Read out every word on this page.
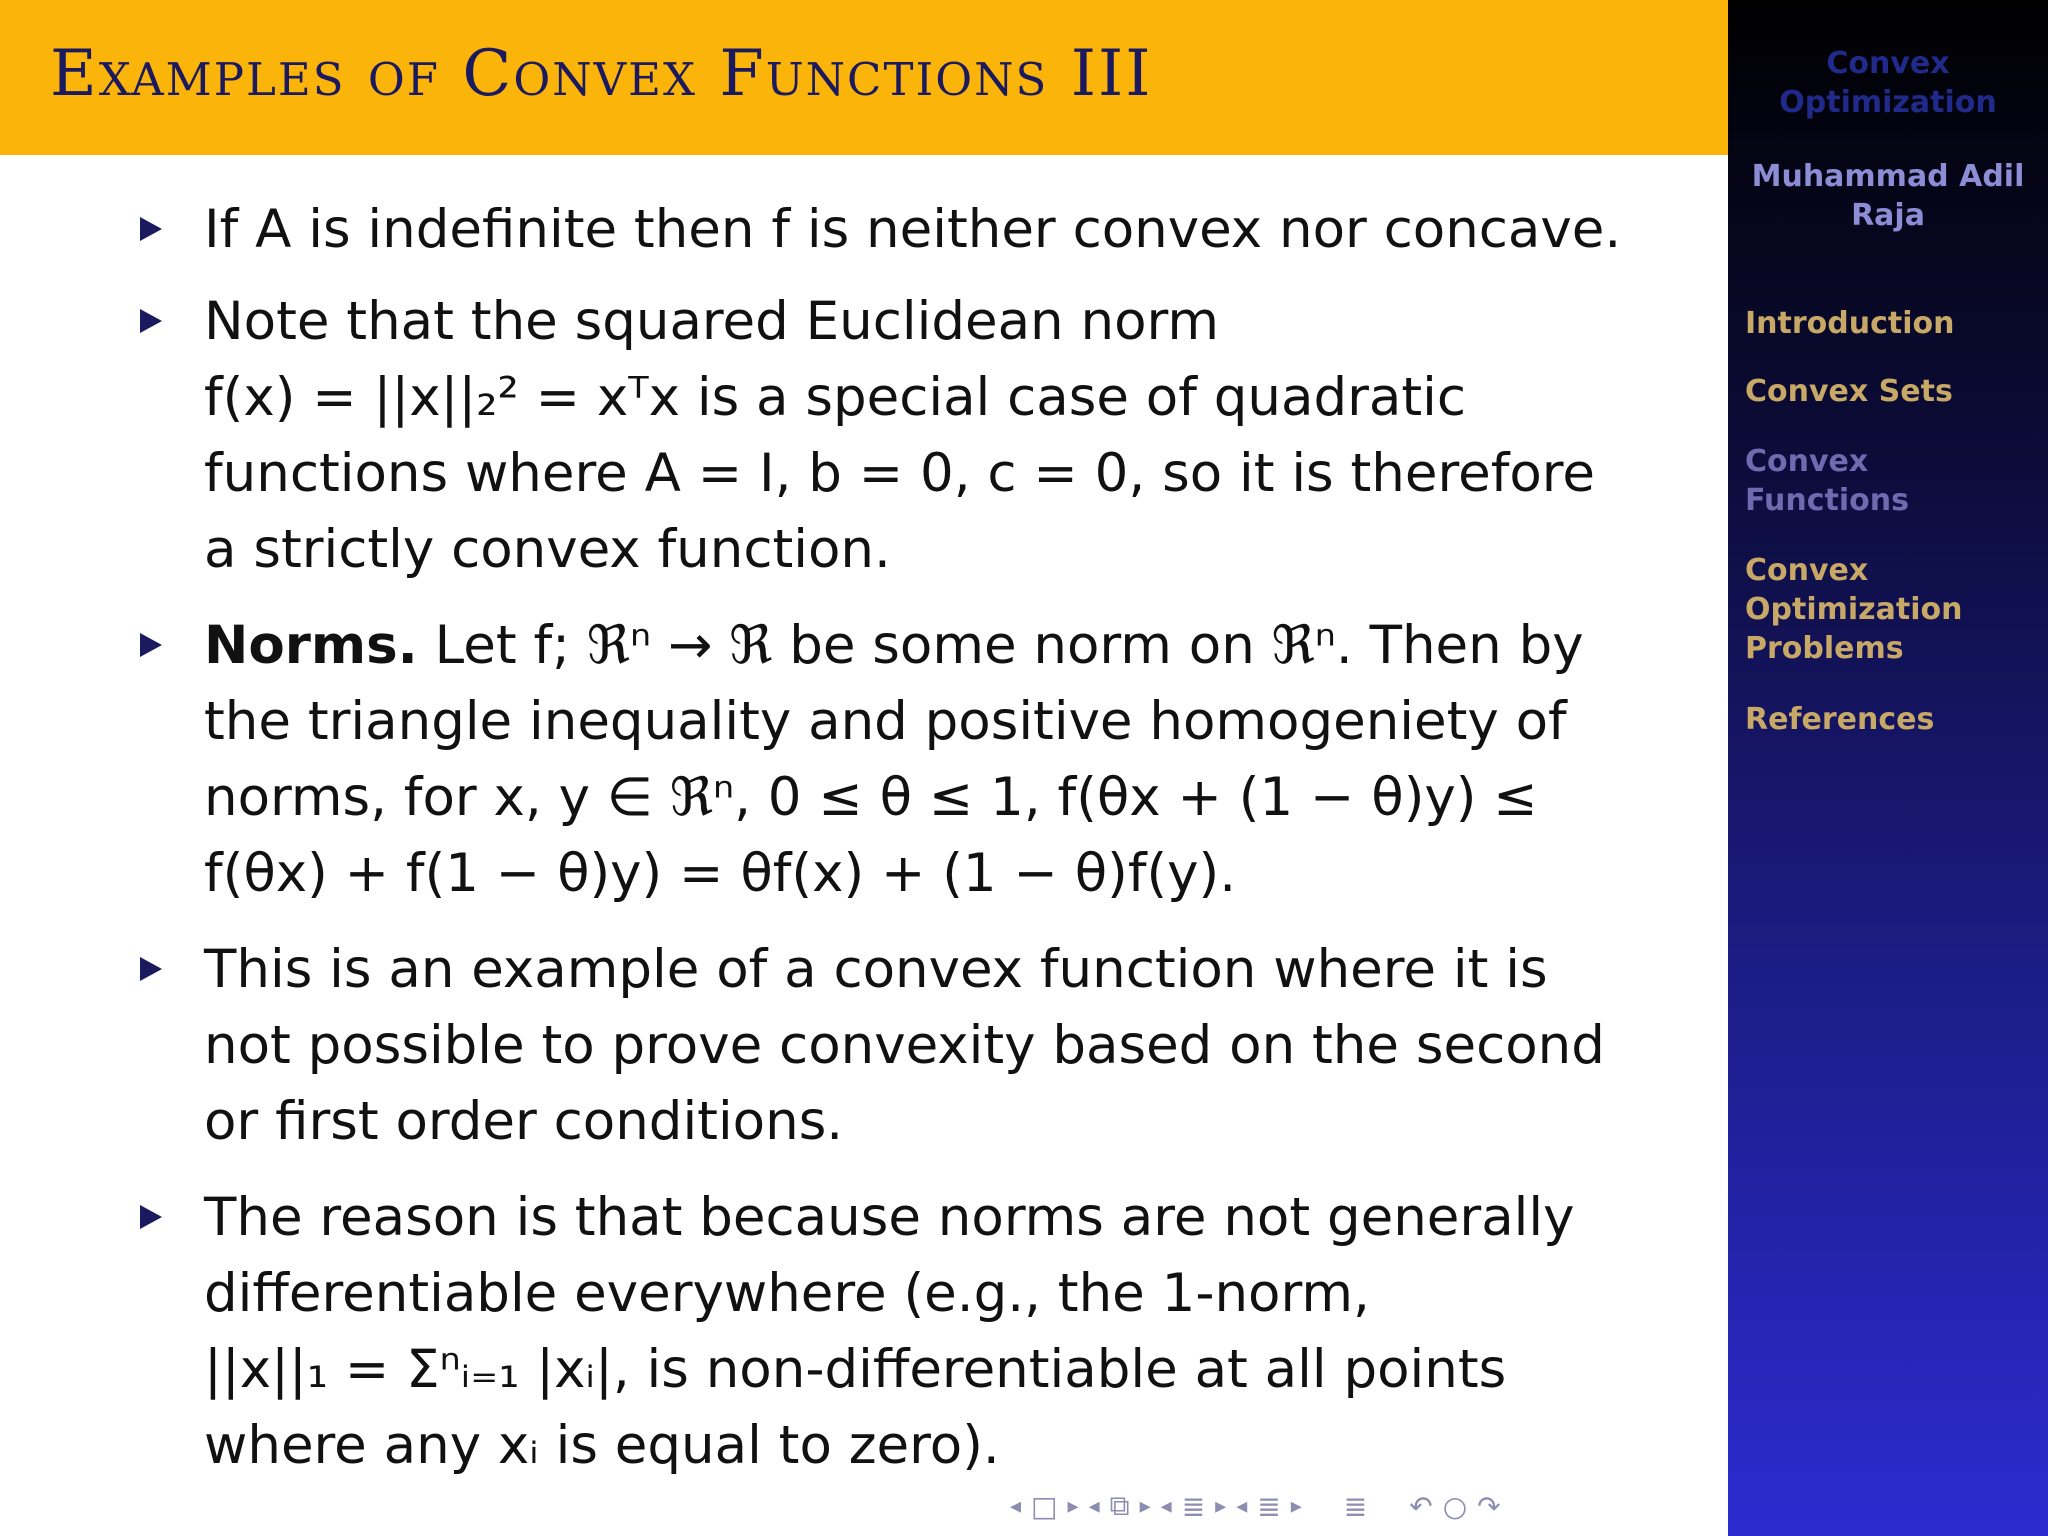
Examples of Convex Functions III
If A is indefinite then f is neither convex nor concave.
Note that the squared Euclidean norm
f(x) = ||x||₂² = xᵀx is a special case of quadratic
functions where A = I, b = 0, c = 0, so it is therefore
a strictly convex function.
Norms. Let f; ℜⁿ → ℜ be some norm on ℜⁿ. Then by
the triangle inequality and positive homogeniety of
norms, for x, y ∈ ℜⁿ, 0 ≤ θ ≤ 1, f(θx + (1 − θ)y) ≤
f(θx) + f(1 − θ)y) = θf(x) + (1 − θ)f(y).
This is an example of a convex function where it is
not possible to prove convexity based on the second
or first order conditions.
The reason is that because norms are not generally
differentiable everywhere (e.g., the 1-norm,
||x||₁ = Σⁿᵢ₌₁ |xᵢ|, is non-differentiable at all points
where any xᵢ is equal to zero).
◂ □ ▸ ◂ ⧉ ▸ ◂ ≣ ▸ ◂ ≣ ▸ ≣ ↶ ○ ↷
Convex
Optimization
Muhammad Adil Raja

Introduction

Convex Sets

Convex
Functions

Convex
Optimization
Problems

References
